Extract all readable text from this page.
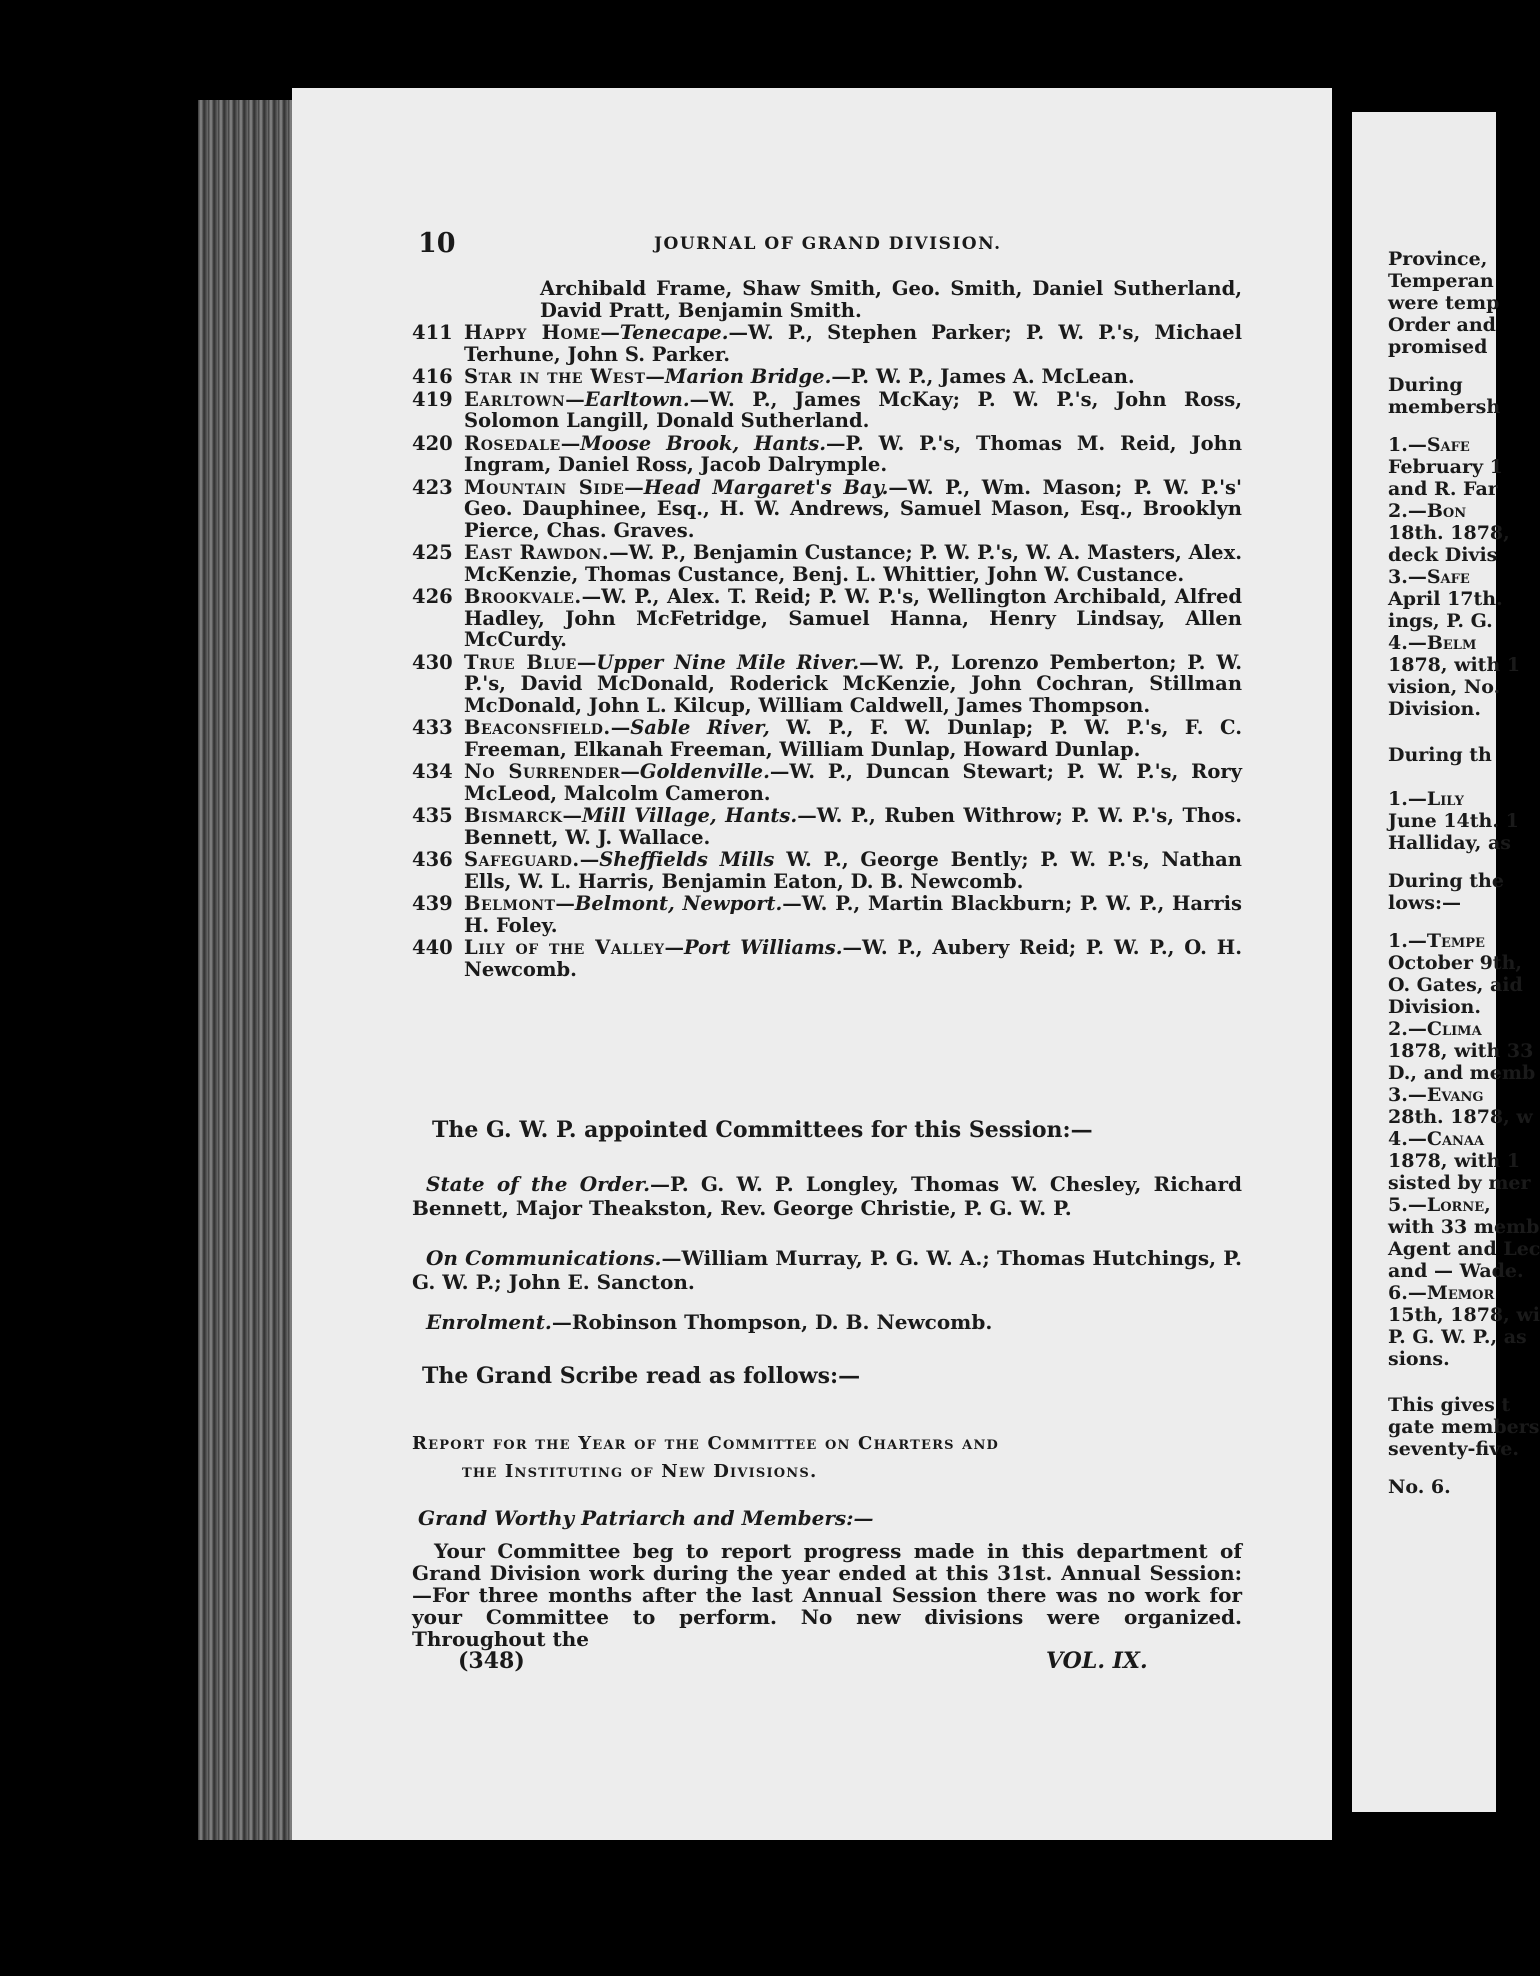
Province,
Temperan
were temp
Order and
promised
During
membersh
1.—Safe
February 1
and R. Far
2.—Bon
18th. 1878,
deck Divis
3.—Safe
April 17th.
ings, P. G.
4.—Belm
1878, with 1
vision, No.
Division.
During th
1.—Lily
June 14th. 1
Halliday, as
During the
lows:—
1.—Tempe
October 9th,
O. Gates, aid
Division.
2.—Clima
1878, with 33
D., and memb
3.—Evang
28th. 1878, w
4.—Canaa
1878, with 1
sisted by mer
5.—Lorne,
with 33 memb
Agent and Lec
and — Wade.
6.—Memor
15th, 1878, wi
P. G. W. P., as
sions.
This gives t
gate members
seventy-five.
No. 6.
10	JOURNAL OF GRAND DIVISION.
Archibald Frame, Shaw Smith, Geo. Smith, Daniel Sutherland, David Pratt, Benjamin Smith.
411 Happy Home—Tenecape.—W. P., Stephen Parker; P. W. P.'s, Michael Terhune, John S. Parker.
416 Star in the West—Marion Bridge.—P. W. P., James A. McLean.
419 Earltown—Earltown.—W. P., James McKay; P. W. P.'s, John Ross, Solomon Langill, Donald Sutherland.
420 Rosedale—Moose Brook, Hants.—P. W. P.'s, Thomas M. Reid, John Ingram, Daniel Ross, Jacob Dalrymple.
423 Mountain Side—Head Margaret's Bay.—W. P., Wm. Mason; P. W. P.'s' Geo. Dauphinee, Esq., H. W. Andrews, Samuel Mason, Esq., Brooklyn Pierce, Chas. Graves.
425 East Rawdon.—W. P., Benjamin Custance; P. W. P.'s, W. A. Masters, Alex. McKenzie, Thomas Custance, Benj. L. Whittier, John W. Custance.
426 Brookvale.—W. P., Alex. T. Reid; P. W. P.'s, Wellington Archibald, Alfred Hadley, John McFetridge, Samuel Hanna, Henry Lindsay, Allen McCurdy.
430 True Blue—Upper Nine Mile River.—W. P., Lorenzo Pemberton; P. W. P.'s, David McDonald, Roderick McKenzie, John Cochran, Stillman McDonald, John L. Kilcup, William Caldwell, James Thompson.
433 Beaconsfield.—Sable River, W. P., F. W. Dunlap; P. W. P.'s, F. C. Freeman, Elkanah Freeman, William Dunlap, Howard Dunlap.
434 No Surrender—Goldenville.—W. P., Duncan Stewart; P. W. P.'s, Rory McLeod, Malcolm Cameron.
435 Bismarck—Mill Village, Hants.—W. P., Ruben Withrow; P. W. P.'s, Thos. Bennett, W. J. Wallace.
436 Safeguard.—Sheffields Mills W. P., George Bently; P. W. P.'s, Nathan Ells, W. L. Harris, Benjamin Eaton, D. B. Newcomb.
439 Belmont—Belmont, Newport.—W. P., Martin Blackburn; P. W. P., Harris H. Foley.
440 Lily of the Valley—Port Williams.—W. P., Aubery Reid; P. W. P., O. H. Newcomb.
The G. W. P. appointed Committees for this Session:—
State of the Order.—P. G. W. P. Longley, Thomas W. Chesley, Richard Bennett, Major Theakston, Rev. George Christie, P. G. W. P.
On Communications.—William Murray, P. G. W. A.; Thomas Hutchings, P. G. W. P.; John E. Sancton.
Enrolment.—Robinson Thompson, D. B. Newcomb.
The Grand Scribe read as follows:—
Report for the Year of the Committee on Charters and
the Instituting of New Divisions.
Grand Worthy Patriarch and Members:—
Your Committee beg to report progress made in this department of Grand Division work during the year ended at this 31st. Annual Session:—For three months after the last Annual Session there was no work for your Committee to perform. No new divisions were organized. Throughout the
(348)	VOL. IX.
